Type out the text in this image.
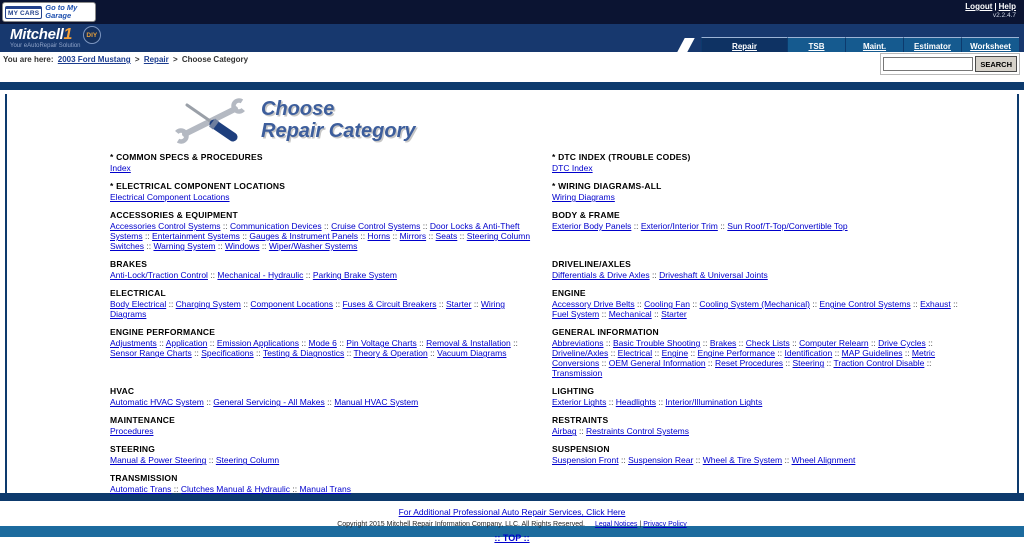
MY CARS
Go to My Garage
Logout | Help
v2.2.4.7
Mitchell1 DIY
Your eAutoRepair Solution	Repair	TSB	Maint.	Estimator	Worksheet
You are here: 2003 Ford Mustang > Repair > Choose Category	SEARCH
Choose
Repair Category
* COMMON SPECS & PROCEDURES
Index
* DTC INDEX (TROUBLE CODES)
DTC Index
* ELECTRICAL COMPONENT LOCATIONS
Electrical Component Locations
* WIRING DIAGRAMS-ALL
Wiring Diagrams
ACCESSORIES & EQUIPMENT
Accessories Control Systems :: Communication Devices :: Cruise Control Systems :: Door Locks & Anti-Theft Systems :: Entertainment Systems :: Gauges & Instrument Panels :: Horns :: Mirrors :: Seats :: Steering Column Switches :: Warning System :: Windows :: Wiper/Washer Systems
BODY & FRAME
Exterior Body Panels :: Exterior/Interior Trim :: Sun Roof/T-Top/Convertible Top
BRAKES
Anti-Lock/Traction Control :: Mechanical - Hydraulic :: Parking Brake System
DRIVELINE/AXLES
Differentials & Drive Axles :: Driveshaft & Universal Joints
ELECTRICAL
Body Electrical :: Charging System :: Component Locations :: Fuses & Circuit Breakers :: Starter :: Wiring Diagrams
ENGINE
Accessory Drive Belts :: Cooling Fan :: Cooling System (Mechanical) :: Engine Control Systems :: Exhaust :: Fuel System :: Mechanical :: Starter
ENGINE PERFORMANCE
Adjustments :: Application :: Emission Applications :: Mode 6 :: Pin Voltage Charts :: Removal & Installation :: Sensor Range Charts :: Specifications :: Testing & Diagnostics :: Theory & Operation :: Vacuum Diagrams
GENERAL INFORMATION
Abbreviations :: Basic Trouble Shooting :: Brakes :: Check Lists :: Computer Relearn :: Drive Cycles :: Driveline/Axles :: Electrical :: Engine :: Engine Performance :: Identification :: MAP Guidelines :: Metric Conversions :: OEM General Information :: Reset Procedures :: Steering :: Traction Control Disable :: Transmission
HVAC
Automatic HVAC System :: General Servicing - All Makes :: Manual HVAC System
LIGHTING
Exterior Lights :: Headlights :: Interior/Illumination Lights
MAINTENANCE
Procedures
RESTRAINTS
Airbag :: Restraints Control Systems
STEERING
Manual & Power Steering :: Steering Column
SUSPENSION
Suspension Front :: Suspension Rear :: Wheel & Tire System :: Wheel Alignment
TRANSMISSION
Automatic Trans :: Clutches Manual & Hydraulic :: Manual Trans
For Additional Professional Auto Repair Services, Click Here
Copyright 2015 Mitchell Repair Information Company, LLC. All Rights Reserved. Legal Notices | Privacy Policy
:: TOP ::
